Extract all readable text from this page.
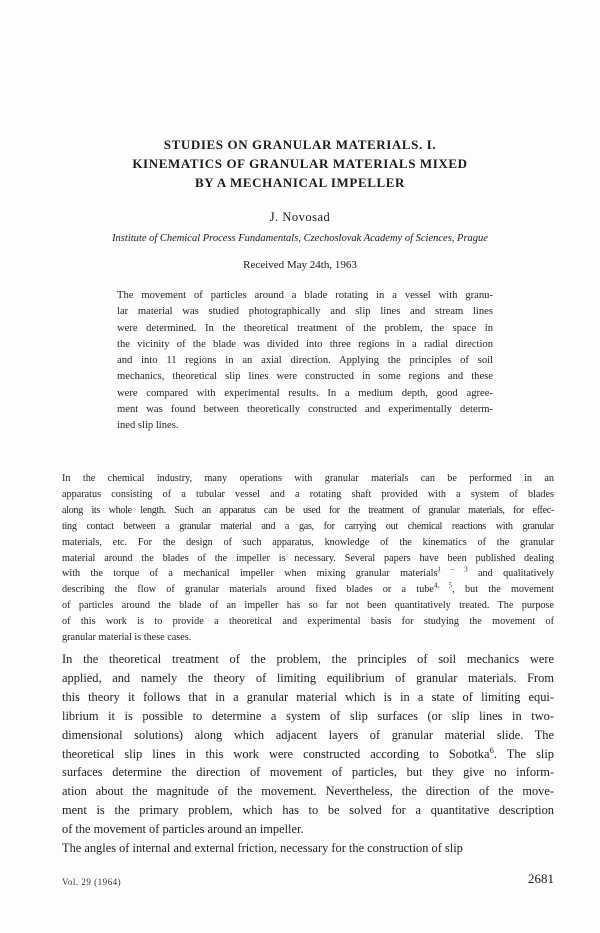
STUDIES ON GRANULAR MATERIALS. I.
KINEMATICS OF GRANULAR MATERIALS MIXED
BY A MECHANICAL IMPELLER
J. Novosad
Institute of Chemical Process Fundamentals, Czechoslovak Academy of Sciences, Prague
Received May 24th, 1963
The movement of particles around a blade rotating in a vessel with granu-
lar material was studied photographically and slip lines and stream lines
were determined. In the theoretical treatment of the problem, the space in
the vicinity of the blade was divided into three regions in a radial direction
and into 11 regions in an axial direction. Applying the principles of soil
mechanics, theoretical slip lines were constructed in some regions and these
were compared with experimental results. In a medium depth, good agree-
ment was found between theoretically constructed and experimentally determ-
ined slip lines.
In the chemical industry, many operations with granular materials can be performed in an
apparatus consisting of a tubular vessel and a rotating shaft provided with a system of blades
along its whole length. Such an apparatus can be used for the treatment of granular materials, for effec-
ting contact between a granular material and a gas, for carrying out chemical reactions with granular
materials, etc. For the design of such apparatus, knowledge of the kinematics of the granular
material around the blades of the impeller is necessary. Several papers have been published dealing
with the torque of a mechanical impeller when mixing granular materials$^{1 - 3}$ and qualitatively
describing the flow of granular materials around fixed blades or a tube$^{4, 5}$, but the movement
of particles around the blade of an impeller has so far not been quantitatively treated. The purpose
of this work is to provide a theoretical and experimental basis for studying the movement of
granular material is these cases.
In the theoretical treatment of the problem, the principles of soil mechanics were
applied, and namely the theory of limiting equilibrium of granular materials. From
this theory it follows that in a granular material which is in a state of limiting equi-
librium it is possible to determine a system of slip surfaces (or slip lines in two-
dimensional solutions) along which adjacent layers of granular material slide. The
theoretical slip lines in this work were constructed according to Sobotka$^6$. The slip
surfaces determine the direction of movement of particles, but they give no inform-
ation about the magnitude of the movement. Nevertheless, the direction of the move-
ment is the primary problem, which has to be solved for a quantitative description
of the movement of particles around an impeller.
The angles of internal and external friction, necessary for the construction of slip
Vol. 29 (1964)	2681
